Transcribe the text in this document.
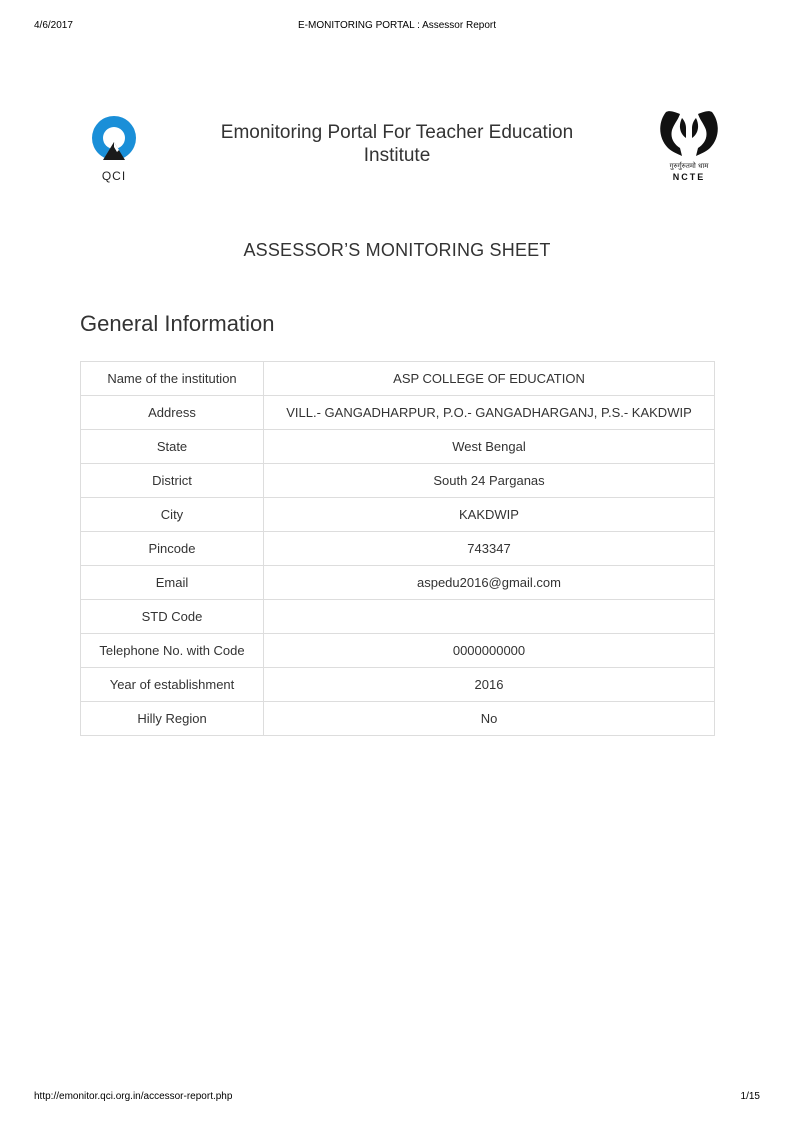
4/6/2017	E-MONITORING PORTAL : Assessor Report
QCI
Emonitoring Portal For Teacher Education Institute	गुरुर्गुरुतमो धाम
NCTE
ASSESSOR’S MONITORING SHEET
General Information
Name of the institution	ASP COLLEGE OF EDUCATION
Address	VILL.- GANGADHARPUR, P.O.- GANGADHARGANJ, P.S.- KAKDWIP
State	West Bengal
District	South 24 Parganas
City	KAKDWIP
Pincode	743347
Email	aspedu2016@gmail.com
STD Code	
Telephone No. with Code	0000000000
Year of establishment	2016
Hilly Region	No
http://emonitor.qci.org.in/accessor-report.php	1/15
